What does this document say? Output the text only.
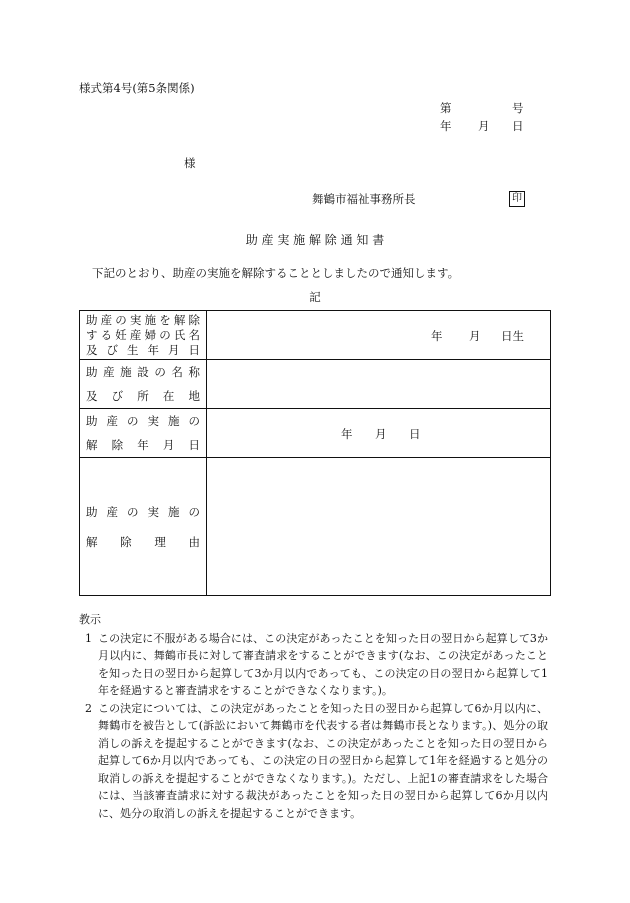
様式第4号(第5条関係)
第	号
年 月 日
様
舞鶴市福祉事務所長	印
助 産 実 施 解 除 通 知 書
下記のとおり、助産の実施を解除することとしましたので通知します。
記
助産の実施を解除
する妊産婦の氏名
及び生年月日	年 月 日生

助産施設の名称
及び所在地	

助産の実施の
解除年月日	年 月 日

助産の実施の
解除理由	

教示
1 この決定に不服がある場合には、この決定があったことを知った日の翌日から起算して3か月以内に、舞鶴市長に対して審査請求をすることができます(なお、この決定があったことを知った日の翌日から起算して3か月以内であっても、この決定の日の翌日から起算して1年を経過すると審査請求をすることができなくなります。)。
2 この決定については、この決定があったことを知った日の翌日から起算して6か月以内に、舞鶴市を被告として(訴訟において舞鶴市を代表する者は舞鶴市長となります。)、処分の取消しの訴えを提起することができます(なお、この決定があったことを知った日の翌日から起算して6か月以内であっても、この決定の日の翌日から起算して1年を経過すると処分の取消しの訴えを提起することができなくなります。)。ただし、上記1の審査請求をした場合には、当該審査請求に対する裁決があったことを知った日の翌日から起算して6か月以内に、処分の取消しの訴えを提起することができます。
